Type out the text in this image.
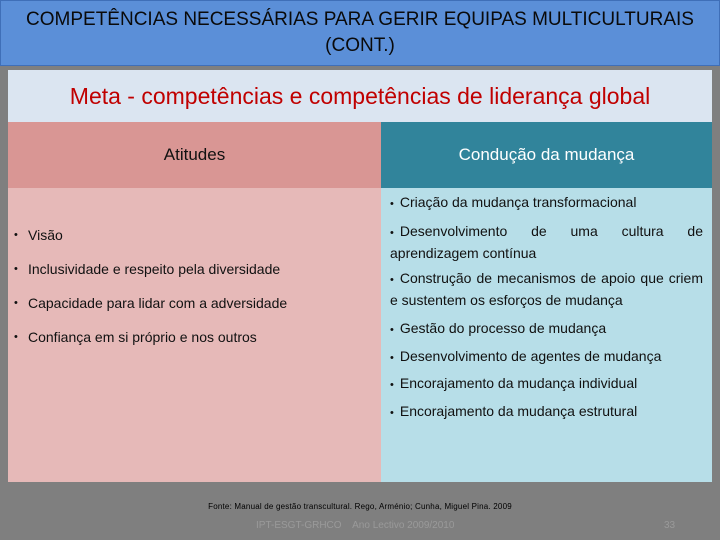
COMPETÊNCIAS NECESSÁRIAS PARA GERIR EQUIPAS MULTICULTURAIS
(CONT.)
Meta - competências e competências de liderança global
Atitudes	Condução da mudança
• Visão
• Inclusividade e respeito pela diversidade
• Capacidade para lidar com a adversidade
• Confiança em si próprio e nos outros
• Criação da mudança transformacional
• Desenvolvimento de uma cultura de aprendizagem contínua
• Construção de mecanismos de apoio que criem e sustentem os esforços de mudança
• Gestão do processo de mudança
• Desenvolvimento de agentes de mudança
• Encorajamento da mudança individual
• Encorajamento da mudança estrutural
Fonte: Manual de gestão transcultural. Rego, Arménio; Cunha, Miguel Pina. 2009
IPT-ESGT-GRHCO    Ano Lectivo 2009/2010	33
